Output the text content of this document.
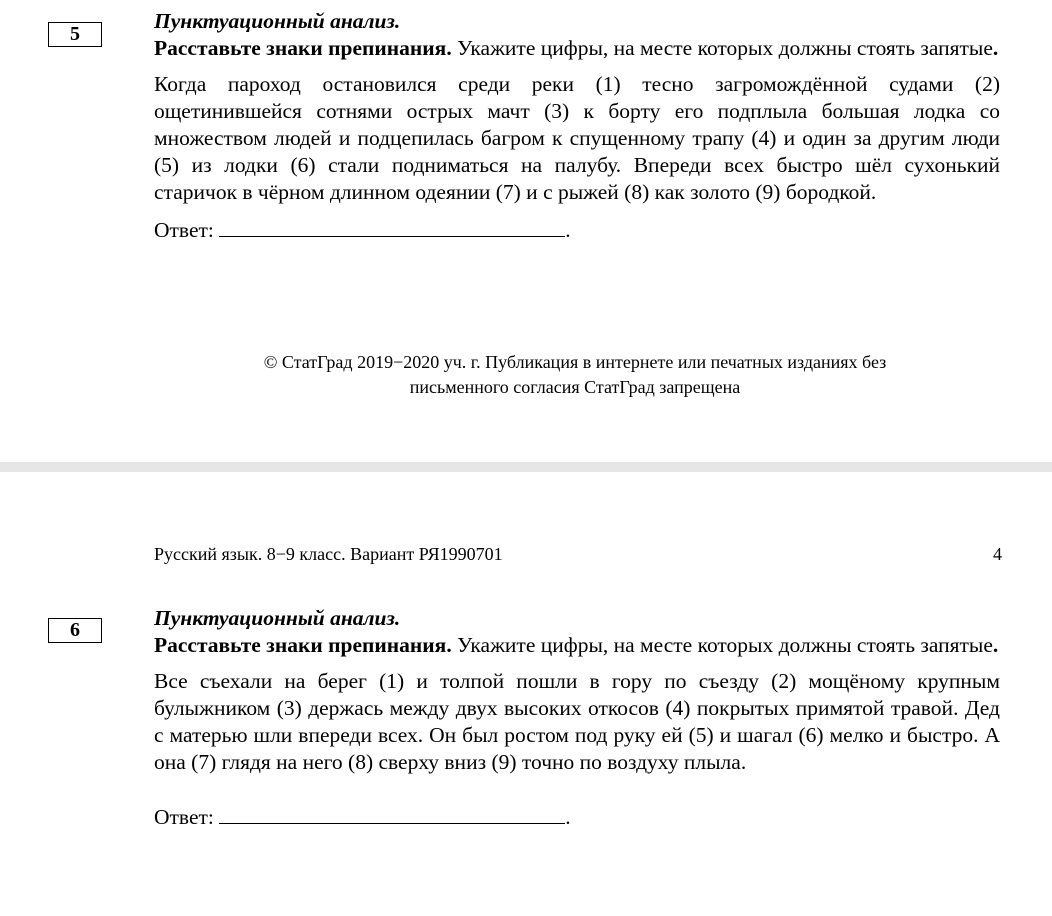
5
Пунктуационный анализ.

Расставьте знаки препинания. Укажите цифры, на месте которых должны стоять запятые.

Когда пароход остановился среди реки (1) тесно загромождённой судами (2) ощетинившейся сотнями острых мачт (3) к борту его подплыла большая лодка со множеством людей и подцепилась багром к спущенному трапу (4) и один за другим люди (5) из лодки (6) стали подниматься на палубу. Впереди всех быстро шёл сухонький старичок в чёрном длинном одеянии (7) и с рыжей (8) как золото (9) бородкой.

Ответ:	.
© СтатГрад 2019−2020 уч. г. Публикация в интернете или печатных изданиях без
письменного согласия СтатГрад запрещена
Русский язык. 8−9 класс. Вариант РЯ1990701	4
6	Пунктуационный анализ.

Расставьте знаки препинания. Укажите цифры, на месте которых должны стоять запятые.

Все съехали на берег (1) и толпой пошли в гору по съезду (2) мощёному крупным булыжником (3) держась между двух высоких откосов (4) покрытых примятой травой. Дед с матерью шли впереди всех. Он был ростом под руку ей (5) и шагал (6) мелко и быстро. А она (7) глядя на него (8) сверху вниз (9) точно по воздуху плыла.

Ответ:	.
